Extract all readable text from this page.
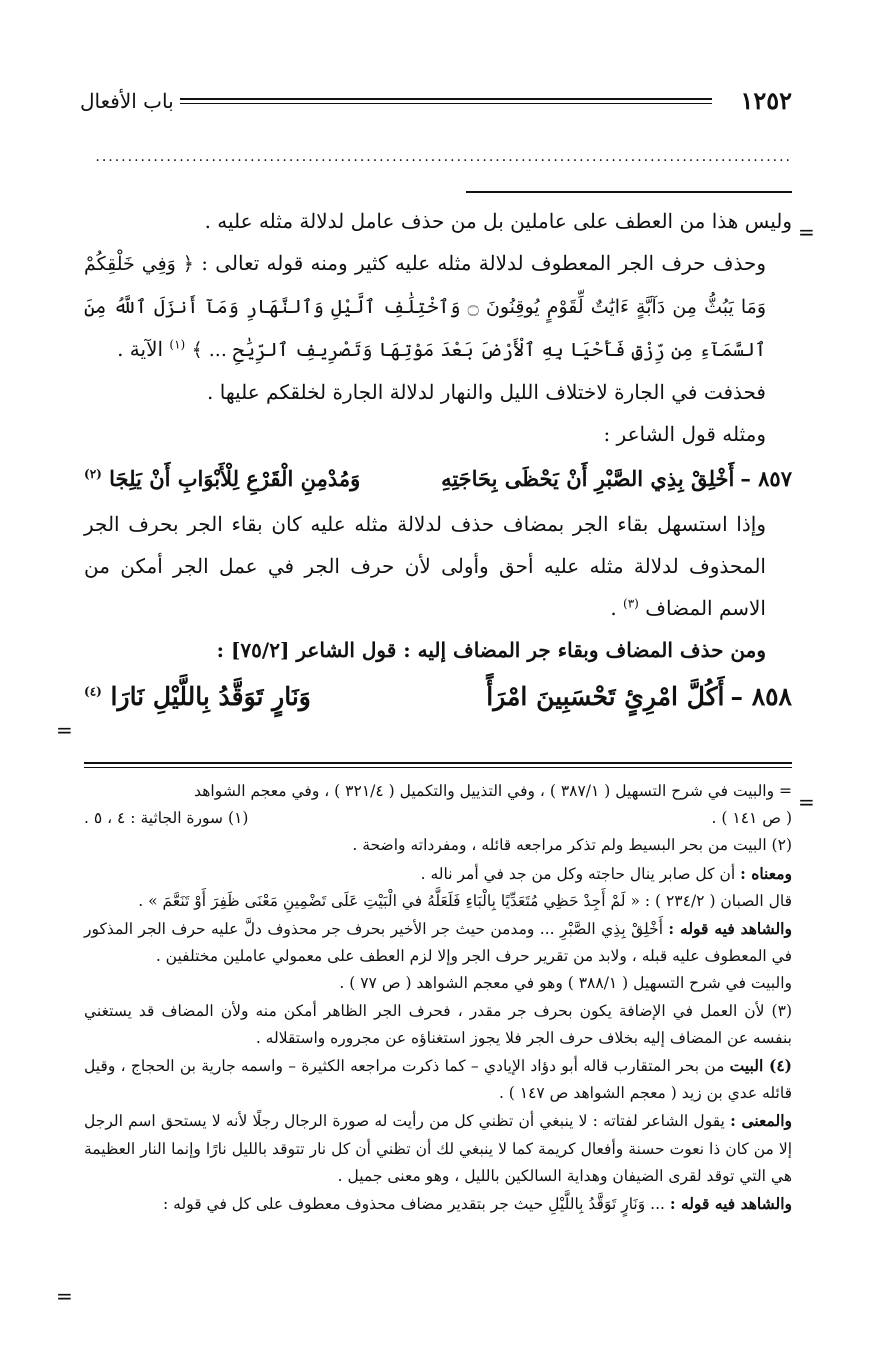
باب الأفعال	١٢٥٢
............................................................................................................
=

وليس هذا من العطف على عاملين بل من حذف عامل لدلالة مثله عليه .

وحذف حرف الجر المعطوف لدلالة مثله عليه كثير ومنه قوله تعالى : ﴿ وَفِي خَلْقِكُمْ وَمَا يَبُثُّ مِن دَآبَّةٍ ءَايَٰتٌ لِّقَوْمٍ يُوقِنُونَ ۝ وَٱخْتِلَٰفِ ٱلَّيْلِ وَٱلنَّهَارِ وَمَآ أَنزَلَ ٱللَّهُ مِنَ ٱلسَّمَآءِ مِن رِّزْقٍ فَأَحْيَا بِهِ ٱلْأَرْضَ بَعْدَ مَوْتِهَا وَتَصْرِيفِ ٱلرِّيَٰحِ ... ﴾ $^{(١)}$ الآية .

فحذفت في الجارة لاختلاف الليل والنهار لدلالة الجارة لخلقكم عليها .

ومثله قول الشاعر :

٨٥٧ –أَخْلِقْ بِذِي الصَّبْرِ أَنْ يَحْظَى بِحَاجَتِهِ
وَمُدْمِنِ الْقَرْعِ لِلْأَبْوَابِ أَنْ يَلِجَا $^{(٢)}$

وإذا استسهل بقاء الجر بمضاف حذف لدلالة مثله عليه كان بقاء الجر بحرف الجر المحذوف لدلالة مثله عليه أحق وأولى لأن حرف الجر في عمل الجر أمكن من الاسم المضاف $^{(٣)}$ .

ومن حذف المضاف وبقاء جر المضاف إليه : قول الشاعر [٧٥/٢] :

٨٥٨ –أَكُلَّ امْرِئٍ تَحْسَبِينَ امْرَأً
وَنَارٍ تَوَقَّدُ بِاللَّيْلِ نَارَا $^{(٤)}$
=

= والبيت في شرح التسهيل ( ٣٨٧/١ ) ، وفي التذييل والتكميل ( ٣٢١/٤ ) ، وفي معجم الشواهد

( ص ١٤١ ) .
(١) سورة الجاثية : ٤ ، ٥ .

(٢) البيت من بحر البسيط ولم تذكر مراجعه قائله ، ومفرداته واضحة .

ومعناه : أن كل صابر ينال حاجته وكل من جد في أمر ناله .

قال الصبان ( ٢٣٤/٢ ) : « لَمْ أَجِدْ حَظِي مُتَعَدِّيًا بِالْبَاءِ فَلَعَلَّهُ في الْبَيْتِ عَلَى تَضْمِينِ مَعْنَى ظَفِرَ أَوْ تَنَعَّمَ » .

والشاهد فيه قوله : أَخْلِقْ بِذِي الصَّبْرِ ... ومدمن حيث جر الأخير بحرف جر محذوف دلَّ عليه حرف الجر المذكور في المعطوف عليه قبله ، ولابد من تقرير حرف الجر وإلا لزم العطف على معمولي عاملين مختلفين .

والبيت في شرح التسهيل ( ٣٨٨/١ ) وهو في معجم الشواهد ( ص ٧٧ ) .

(٣) لأن العمل في الإضافة يكون بحرف جر مقدر ، فحرف الجر الظاهر أمكن منه ولأن المضاف قد يستغني بنفسه عن المضاف إليه بخلاف حرف الجر فلا يجوز استغناؤه عن مجروره واستقلاله .

(٤) البيت من بحر المتقارب قاله أبو دؤاد الإيادي – كما ذكرت مراجعه الكثيرة – واسمه جارية بن الحجاج ، وقيل قائله عدي بن زيد ( معجم الشواهد ص ١٤٧ ) .

والمعنى : يقول الشاعر لفتاته : لا ينبغي أن تظني كل من رأيت له صورة الرجال رجلًا لأنه لا يستحق اسم الرجل إلا من كان ذا نعوت حسنة وأفعال كريمة كما لا ينبغي لك أن تظني أن كل نار تتوقد بالليل نارًا وإنما النار العظيمة هي التي توقد لقرى الضيفان وهداية السالكين بالليل ، وهو معنى جميل .

والشاهد فيه قوله : ... وَنَارٍ تَوَقَّدُ بِاللَّيْلِ حيث جر بتقدير مضاف محذوف معطوف على كل في قوله :

=
=
